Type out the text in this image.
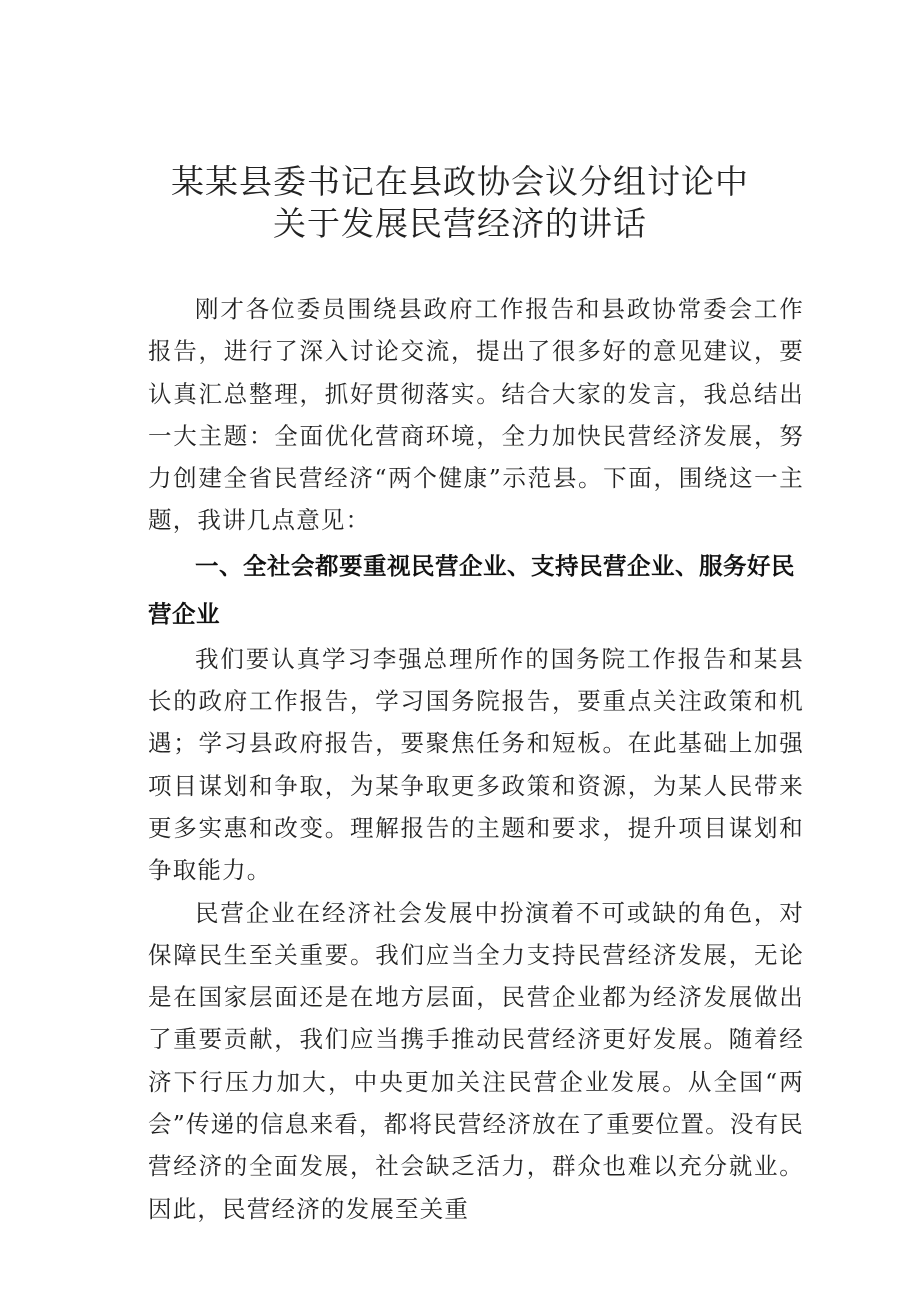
某某县委书记在县政协会议分组讨论中
关于发展民营经济的讲话

刚才各位委员围绕县政府工作报告和县政协常委会工作报告，进行了深入讨论交流，提出了很多好的意见建议，要认真汇总整理，抓好贯彻落实。结合大家的发言，我总结出一大主题：全面优化营商环境，全力加快民营经济发展，努力创建全省民营经济“两个健康”示范县。下面，围绕这一主题，我讲几点意见：

一、全社会都要重视民营企业、支持民营企业、服务好民营企业

我们要认真学习李强总理所作的国务院工作报告和某县长的政府工作报告，学习国务院报告，要重点关注政策和机遇；学习县政府报告，要聚焦任务和短板。在此基础上加强项目谋划和争取，为某争取更多政策和资源，为某人民带来更多实惠和改变。理解报告的主题和要求，提升项目谋划和争取能力。

民营企业在经济社会发展中扮演着不可或缺的角色，对保障民生至关重要。我们应当全力支持民营经济发展，无论是在国家层面还是在地方层面，民营企业都为经济发展做出了重要贡献，我们应当携手推动民营经济更好发展。随着经济下行压力加大，中央更加关注民营企业发展。从全国“两会”传递的信息来看，都将民营经济放在了重要位置。没有民营经济的全面发展，社会缺乏活力，群众也难以充分就业。因此，民营经济的发展至关重
